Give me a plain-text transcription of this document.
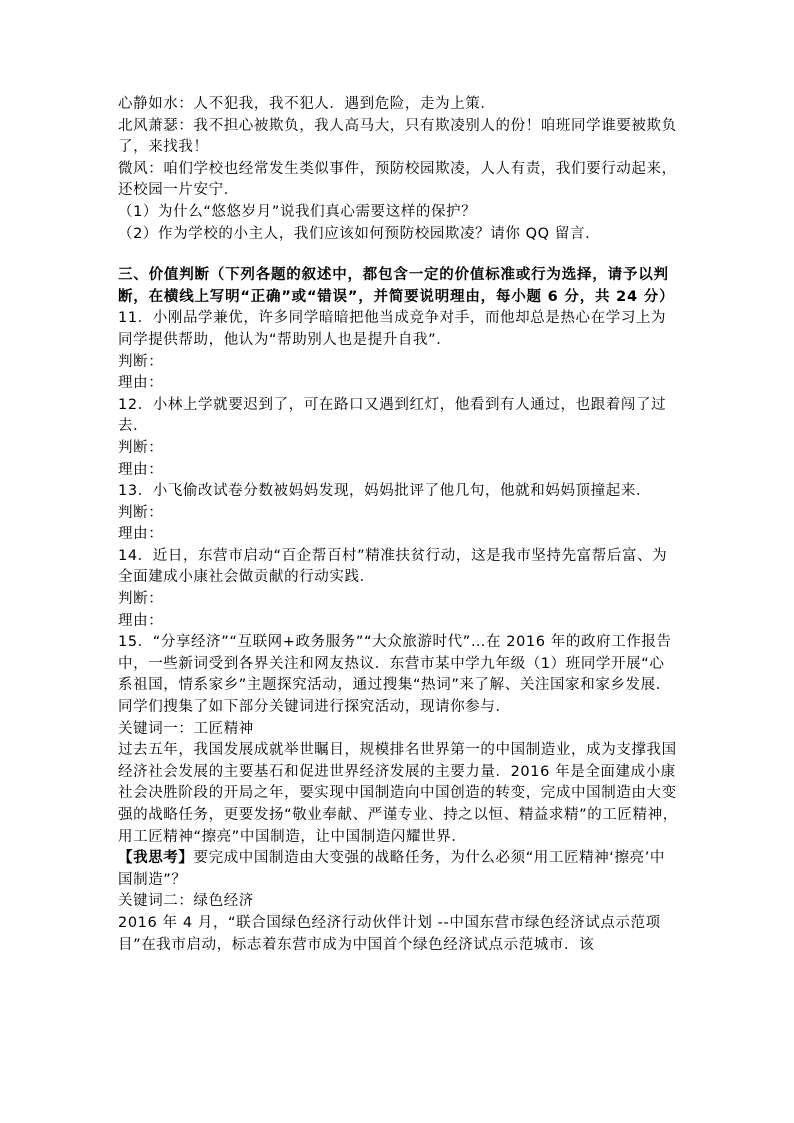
心静如水：人不犯我，我不犯人．遇到危险，走为上策．

北风萧瑟：我不担心被欺负，我人高马大，只有欺凌别人的份！咱班同学谁要被欺负了，来找我！

微风：咱们学校也经常发生类似事件，预防校园欺凌，人人有责，我们要行动起来，还校园一片安宁．

（1）为什么“悠悠岁月”说我们真心需要这样的保护？

（2）作为学校的小主人，我们应该如何预防校园欺凌？请你 QQ 留言．

三、价值判断（下列各题的叙述中，都包含一定的价值标准或行为选择，请予以判断，在横线上写明“正确”或“错误”，并简要说明理由，每小题 6 分，共 24 分）

11．小刚品学兼优，许多同学暗暗把他当成竞争对手，而他却总是热心在学习上为同学提供帮助，他认为“帮助别人也是提升自我”．

判断：

理由：

12．小林上学就要迟到了，可在路口又遇到红灯，他看到有人通过，也跟着闯了过去．

判断：

理由：

13．小飞偷改试卷分数被妈妈发现，妈妈批评了他几句，他就和妈妈顶撞起来．

判断：

理由：

14．近日，东营市启动“百企帮百村”精准扶贫行动，这是我市坚持先富帮后富、为全面建成小康社会做贡献的行动实践．

判断：

理由：

15．“分享经济”“互联网+政务服务”“大众旅游时代”…在 2016 年的政府工作报告中，一些新词受到各界关注和网友热议．东营市某中学九年级（1）班同学开展“心系祖国，情系家乡”主题探究活动，通过搜集“热词”来了解、关注国家和家乡发展．同学们搜集了如下部分关键词进行探究活动，现请你参与．

关键词一：工匠精神

过去五年，我国发展成就举世瞩目，规模排名世界第一的中国制造业，成为支撑我国经济社会发展的主要基石和促进世界经济发展的主要力量．2016 年是全面建成小康社会决胜阶段的开局之年，要实现中国制造向中国创造的转变，完成中国制造由大变强的战略任务，更要发扬“敬业奉献、严谨专业、持之以恒、精益求精”的工匠精神，用工匠精神“擦亮”中国制造，让中国制造闪耀世界．

【我思考】要完成中国制造由大变强的战略任务，为什么必须“用工匠精神‘擦亮’中国制造”？

关键词二：绿色经济

2016 年 4 月，“联合国绿色经济行动伙伴计划 --中国东营市绿色经济试点示范项目”在我市启动，标志着东营市成为中国首个绿色经济试点示范城市．该
